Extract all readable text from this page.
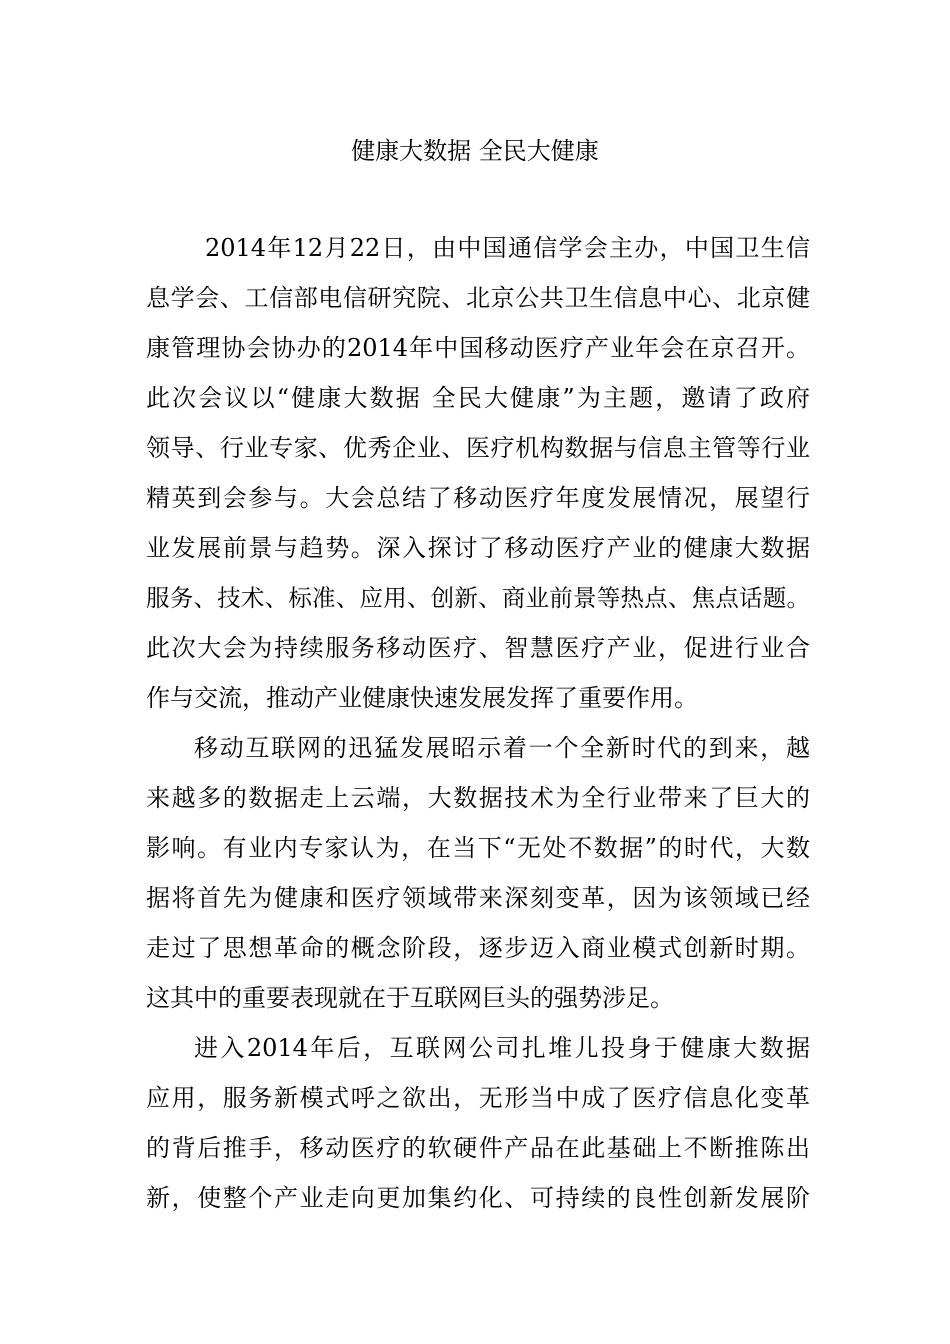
健康大数据 全民大健康
2014年12月22日，由中国通信学会主办，中国卫生信
息学会、工信部电信研究院、北京公共卫生信息中心、北京健
康管理协会协办的2014年中国移动医疗产业年会在京召开。
此次会议以“健康大数据 全民大健康”为主题，邀请了政府
领导、行业专家、优秀企业、医疗机构数据与信息主管等行业
精英到会参与。大会总结了移动医疗年度发展情况，展望行
业发展前景与趋势。深入探讨了移动医疗产业的健康大数据
服务、技术、标准、应用、创新、商业前景等热点、焦点话题。
此次大会为持续服务移动医疗、智慧医疗产业，促进行业合
作与交流，推动产业健康快速发展发挥了重要作用。
移动互联网的迅猛发展昭示着一个全新时代的到来，越
来越多的数据走上云端，大数据技术为全行业带来了巨大的
影响。有业内专家认为，在当下“无处不数据”的时代，大数
据将首先为健康和医疗领域带来深刻变革，因为该领域已经
走过了思想革命的概念阶段，逐步迈入商业模式创新时期。
这其中的重要表现就在于互联网巨头的强势涉足。
进入2014年后，互联网公司扎堆儿投身于健康大数据
应用，服务新模式呼之欲出，无形当中成了医疗信息化变革
的背后推手，移动医疗的软硬件产品在此基础上不断推陈出
新，使整个产业走向更加集约化、可持续的良性创新发展阶
